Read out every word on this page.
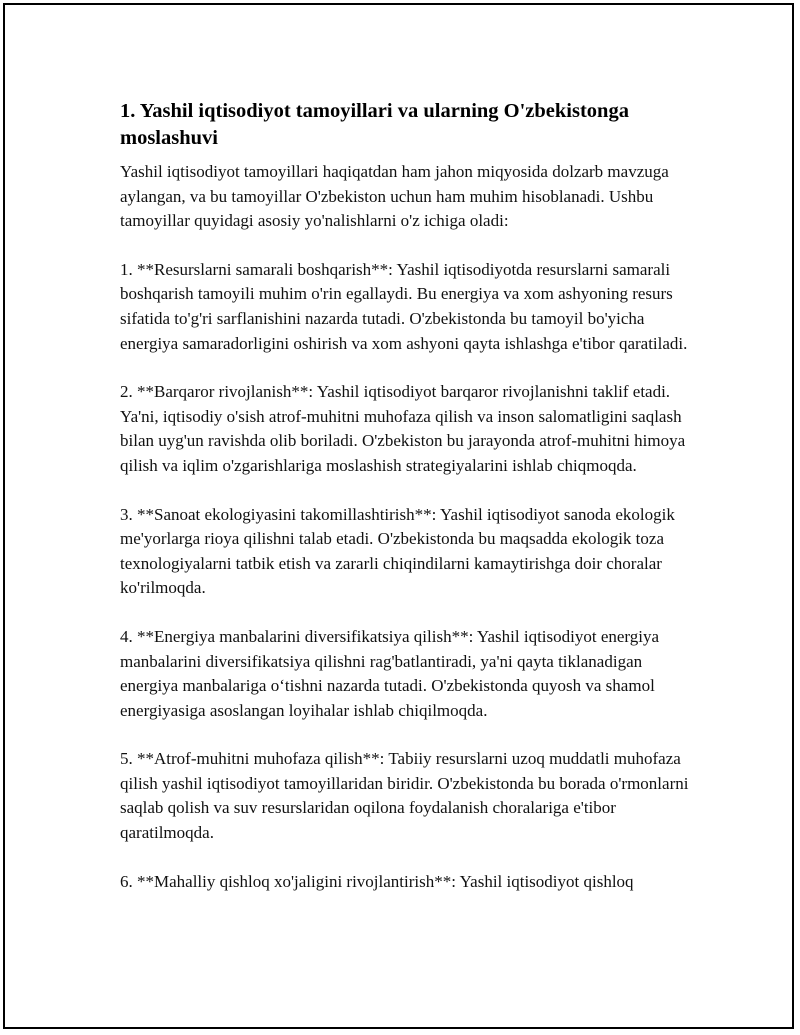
1. Yashil iqtisodiyot tamoyillari va ularning O'zbekistonga moslashuvi

Yashil iqtisodiyot tamoyillari haqiqatdan ham jahon miqyosida dolzarb mavzuga aylangan, va bu tamoyillar O'zbekiston uchun ham muhim hisoblanadi. Ushbu tamoyillar quyidagi asosiy yo'nalishlarni o'z ichiga oladi:

1. **Resurslarni samarali boshqarish**: Yashil iqtisodiyotda resurslarni samarali boshqarish tamoyili muhim o'rin egallaydi. Bu energiya va xom ashyoning resurs sifatida to'g'ri sarflanishini nazarda tutadi. O'zbekistonda bu tamoyil bo'yicha energiya samaradorligini oshirish va xom ashyoni qayta ishlashga e'tibor qaratiladi.

2. **Barqaror rivojlanish**: Yashil iqtisodiyot barqaror rivojlanishni taklif etadi. Ya'ni, iqtisodiy o'sish atrof-muhitni muhofaza qilish va inson salomatligini saqlash bilan uyg'un ravishda olib boriladi. O'zbekiston bu jarayonda atrof-muhitni himoya qilish va iqlim o'zgarishlariga moslashish strategiyalarini ishlab chiqmoqda.

3. **Sanoat ekologiyasini takomillashtirish**: Yashil iqtisodiyot sanoda ekologik me'yorlarga rioya qilishni talab etadi. O'zbekistonda bu maqsadda ekologik toza texnologiyalarni tatbik etish va zararli chiqindilarni kamaytirishga doir choralar ko'rilmoqda.

4. **Energiya manbalarini diversifikatsiya qilish**: Yashil iqtisodiyot energiya manbalarini diversifikatsiya qilishni rag'batlantiradi, ya'ni qayta tiklanadigan energiya manbalariga oʻtishni nazarda tutadi. O'zbekistonda quyosh va shamol energiyasiga asoslangan loyihalar ishlab chiqilmoqda.

5. **Atrof-muhitni muhofaza qilish**: Tabiiy resurslarni uzoq muddatli muhofaza qilish yashil iqtisodiyot tamoyillaridan biridir. O'zbekistonda bu borada o'rmonlarni saqlab qolish va suv resurslaridan oqilona foydalanish choralariga e'tibor qaratilmoqda.

6. **Mahalliy qishloq xo'jaligini rivojlantirish**: Yashil iqtisodiyot qishloq
